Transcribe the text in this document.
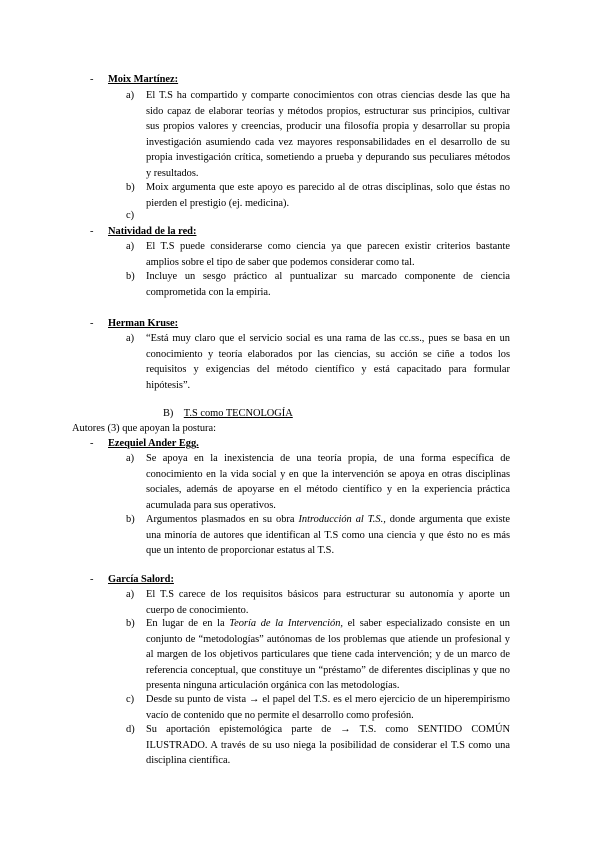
- Moix Martínez:
a) El T.S ha compartido y comparte conocimientos con otras ciencias desde las que ha sido capaz de elaborar teorías y métodos propios, estructurar sus principios, cultivar sus propios valores y creencias, producir una filosofía propia y desarrollar su propia investigación asumiendo cada vez mayores responsabilidades en el desarrollo de su propia investigación crítica, sometiendo a prueba y depurando sus peculiares métodos y resultados.
b) Moix argumenta que este apoyo es parecido al de otras disciplinas, solo que éstas no pierden el prestigio (ej. medicina).
c)
- Natividad de la red:
a) El T.S puede considerarse como ciencia ya que parecen existir criterios bastante amplios sobre el tipo de saber que podemos considerar como tal.
b) Incluye un sesgo práctico al puntualizar su marcado componente de ciencia comprometida con la empiria.
- Herman Kruse:
a) “Está muy claro que el servicio social es una rama de las cc.ss., pues se basa en un conocimiento y teoría elaborados por las ciencias, su acción se ciñe a todos los requisitos y exigencias del método científico y está capacitado para formular hipótesis”.
B) T.S como TECNOLOGÍA
Autores (3) que apoyan la postura:
- Ezequiel Ander Egg.
a) Se apoya en la inexistencia de una teoría propia, de una forma específica de conocimiento en la vida social y en que la intervención se apoya en otras disciplinas sociales, además de apoyarse en el método científico y en la experiencia práctica acumulada para sus operativos.
b) Argumentos plasmados en su obra Introducción al T.S., donde argumenta que existe una minoría de autores que identifican al T.S como una ciencia y que ésto no es más que un intento de proporcionar estatus al T.S.
- García Salord:
a) El T.S carece de los requisitos básicos para estructurar su autonomía y aporte un cuerpo de conocimiento.
b) En lugar de en la Teoría de la Intervención, el saber especializado consiste en un conjunto de “metodologías” autónomas de los problemas que atiende un profesional y al margen de los objetivos particulares que tiene cada intervención; y de un marco de referencia conceptual, que constituye un “préstamo” de diferentes disciplinas y que no presenta ninguna articulación orgánica con las metodologías.
c) Desde su punto de vista → el papel del T.S. es el mero ejercicio de un hiperempirismo vacío de contenido que no permite el desarrollo como profesión.
d) Su aportación epistemológica parte de → T.S. como SENTIDO COMÚN ILUSTRADO. A través de su uso niega la posibilidad de considerar el T.S como una disciplina científica.
